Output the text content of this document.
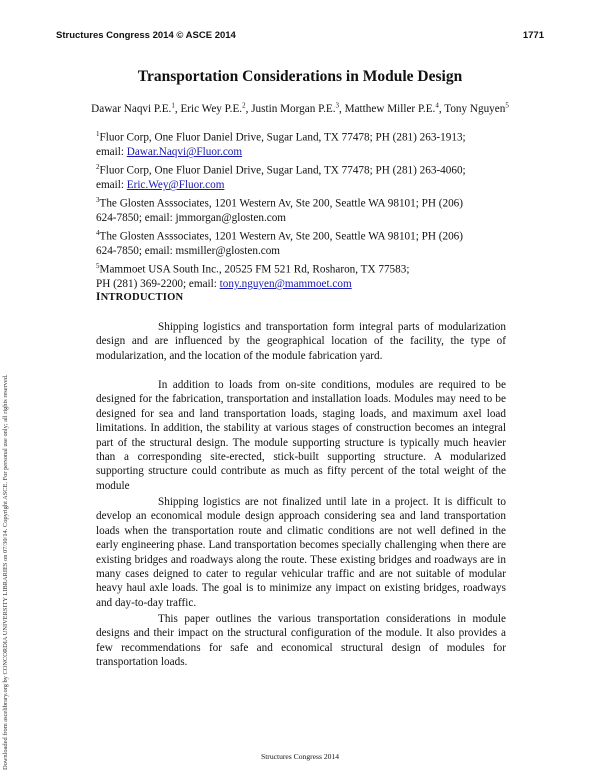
Structures Congress 2014 © ASCE 2014	1771
Downloaded from ascelibrary.org by CONCORDIA UNIVERSITY LIBRARIES on 07/30/14. Copyright ASCE. For personal use only; all rights reserved.
Transportation Considerations in Module Design
Dawar Naqvi P.E.$^1$, Eric Wey P.E.$^2$, Justin Morgan P.E.$^3$, Matthew Miller P.E.$^4$, Tony Nguyen$^5$
$^1$Fluor Corp, One Fluor Daniel Drive, Sugar Land, TX 77478; PH (281) 263-1913;
email: Dawar.Naqvi@Fluor.com
$^2$Fluor Corp, One Fluor Daniel Drive, Sugar Land, TX 77478; PH (281) 263-4060;
email: Eric.Wey@Fluor.com
$^3$The Glosten Asssociates, 1201 Western Av, Ste 200, Seattle WA 98101; PH (206)
624-7850; email: jmmorgan@glosten.com
$^4$The Glosten Asssociates, 1201 Western Av, Ste 200, Seattle WA 98101; PH (206)
624-7850; email: msmiller@glosten.com
$^5$Mammoet USA South Inc., 20525 FM 521 Rd, Rosharon, TX 77583;
PH (281) 369-2200; email: tony.nguyen@mammoet.com
INTRODUCTION

Shipping logistics and transportation form integral parts of modularization design and are influenced by the geographical location of the facility, the type of modularization, and the location of the module fabrication yard.

In addition to loads from on-site conditions, modules are required to be designed for the fabrication, transportation and installation loads. Modules may need to be designed for sea and land transportation loads, staging loads, and maximum axel load limitations. In addition, the stability at various stages of construction becomes an integral part of the structural design. The module supporting structure is typically much heavier than a corresponding site-erected, stick-built supporting structure. A modularized supporting structure could contribute as much as fifty percent of the total weight of the module

Shipping logistics are not finalized until late in a project. It is difficult to develop an economical module design approach considering sea and land transportation loads when the transportation route and climatic conditions are not well defined in the early engineering phase. Land transportation becomes specially challenging when there are existing bridges and roadways along the route. These existing bridges and roadways are in many cases deigned to cater to regular vehicular traffic and are not suitable of modular heavy haul axle loads. The goal is to minimize any impact on existing bridges, roadways and day-to-day traffic.

This paper outlines the various transportation considerations in module designs and their impact on the structural configuration of the module. It also provides a few recommendations for safe and economical structural design of modules for transportation loads.

Structures Congress 2014
